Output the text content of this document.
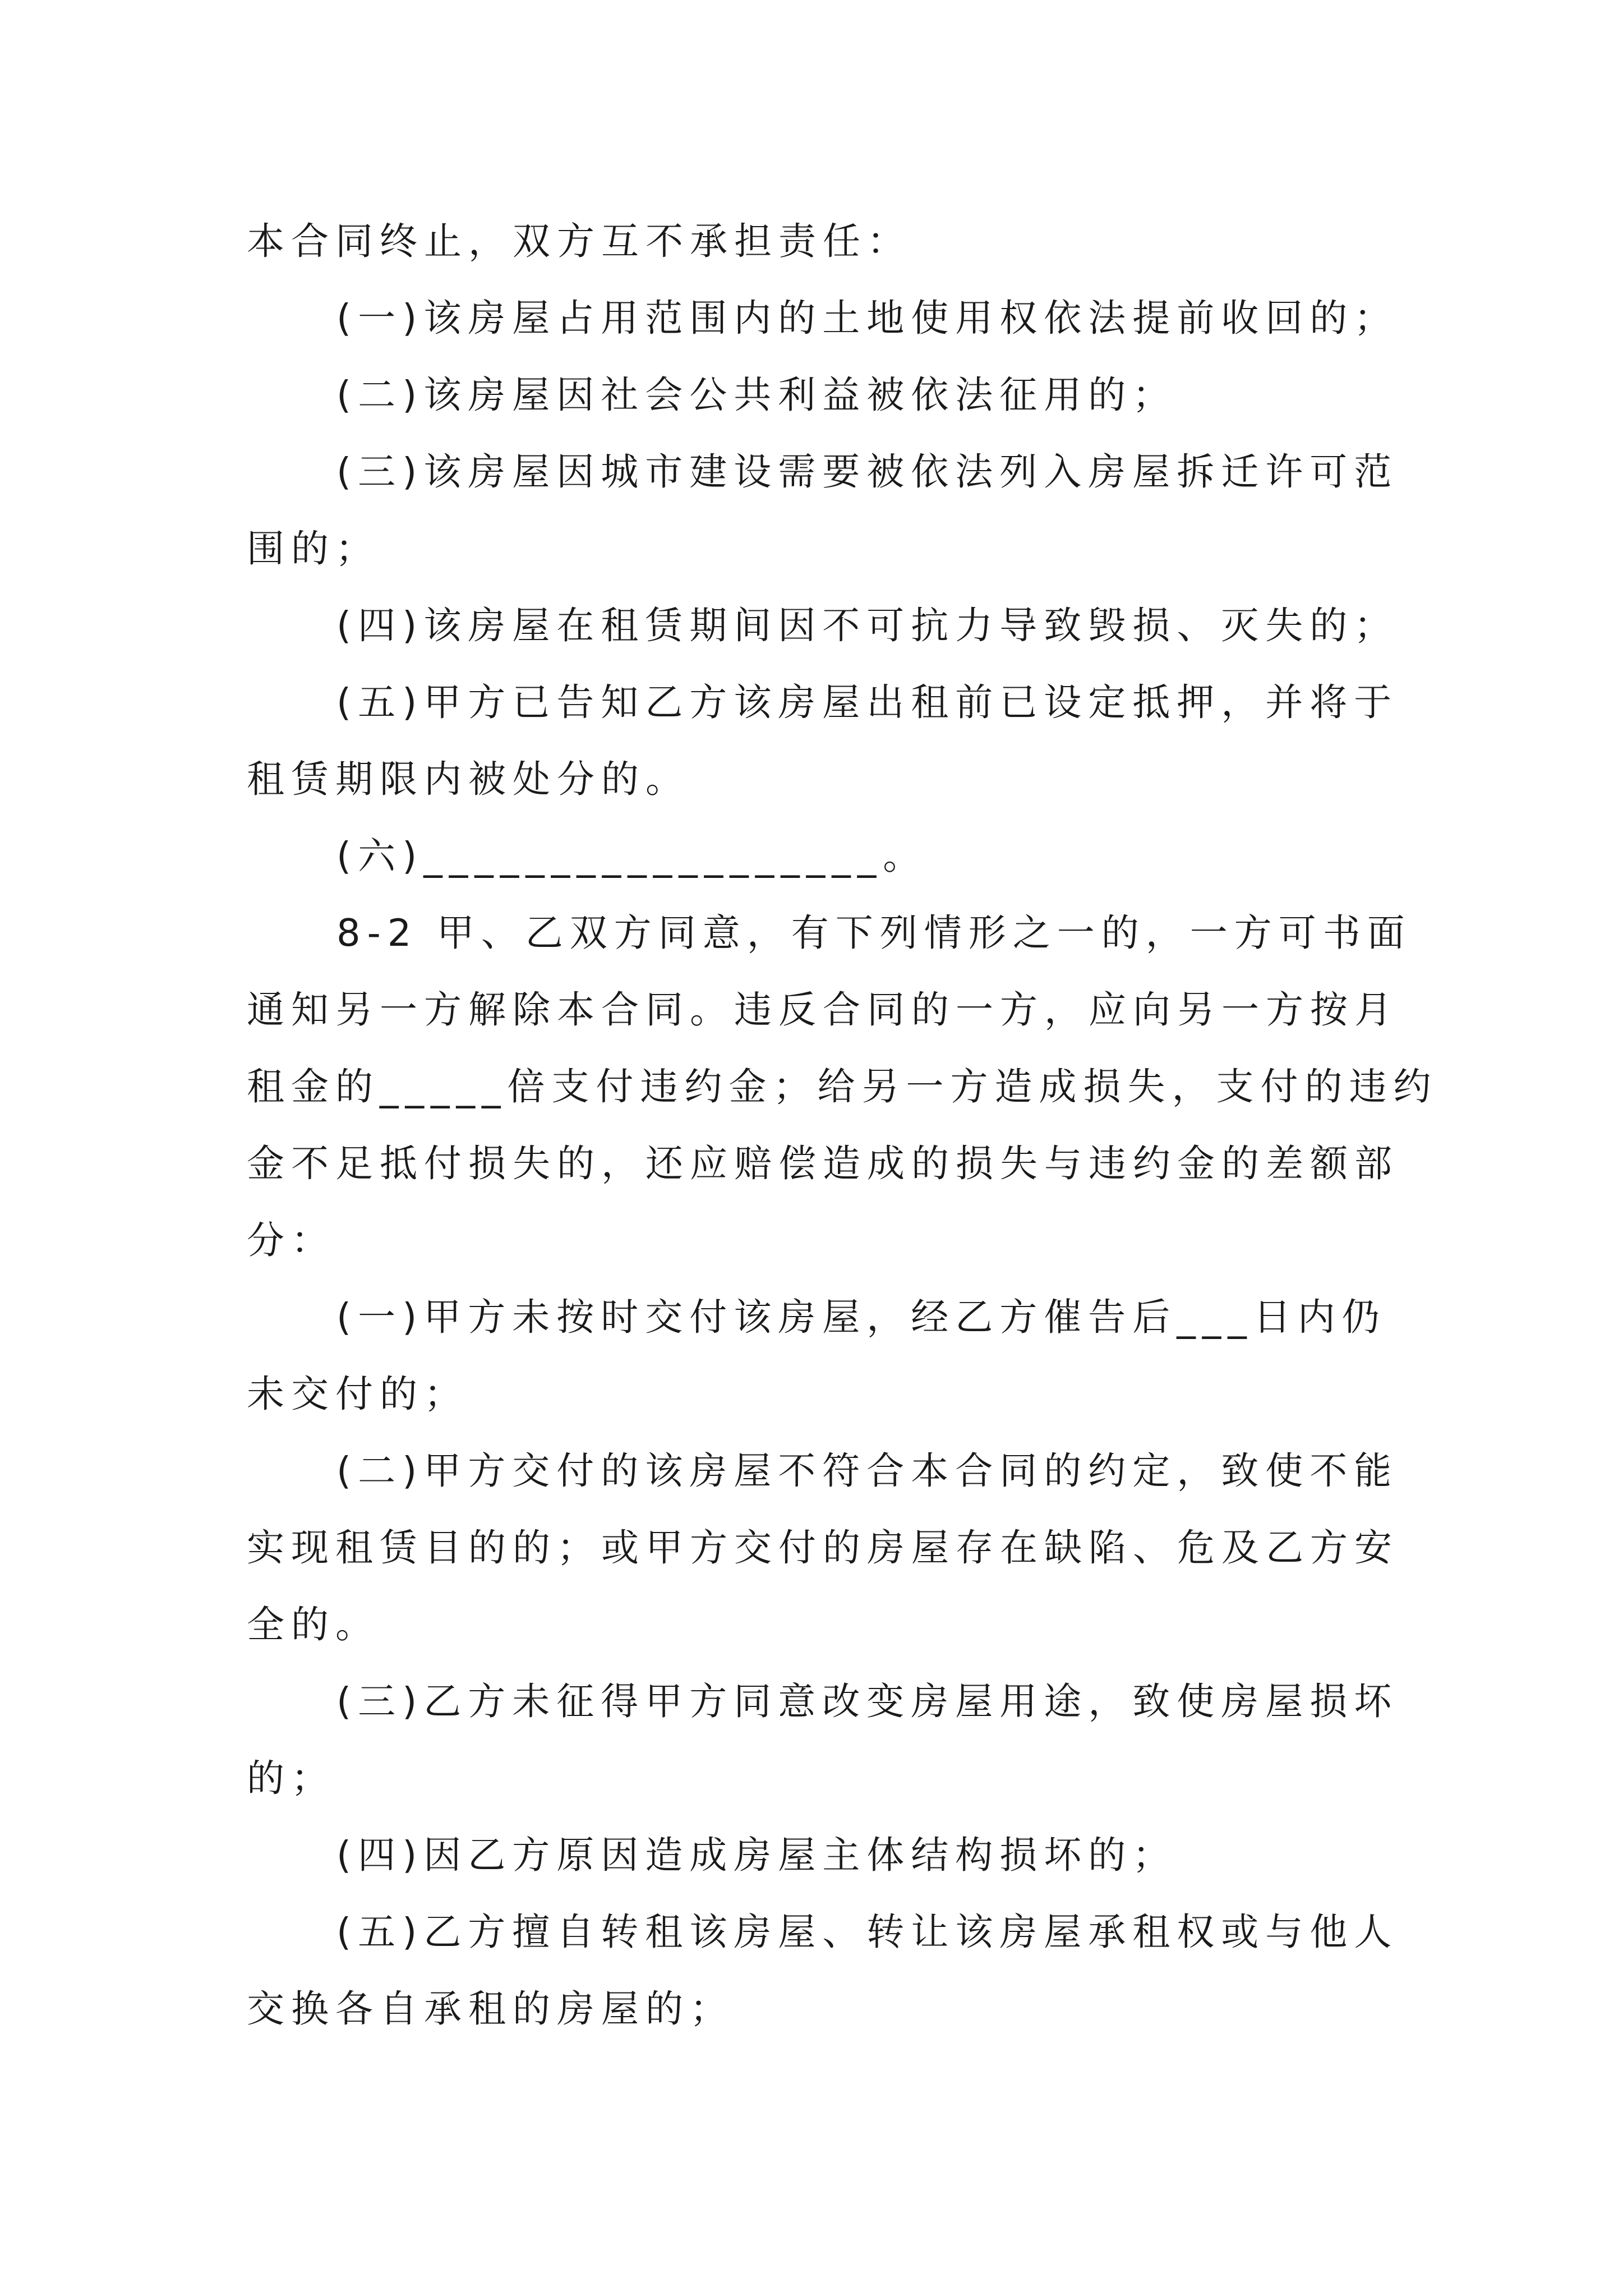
本合同终止，双方互不承担责任：
(一)该房屋占用范围内的土地使用权依法提前收回的；
(二)该房屋因社会公共利益被依法征用的；
(三)该房屋因城市建设需要被依法列入房屋拆迁许可范
围的；
(四)该房屋在租赁期间因不可抗力导致毁损、灭失的；
(五)甲方已告知乙方该房屋出租前已设定抵押，并将于
租赁期限内被处分的。
(六)__________________。
8-2 甲、乙双方同意，有下列情形之一的，一方可书面
通知另一方解除本合同。违反合同的一方，应向另一方按月
租金的_____倍支付违约金；给另一方造成损失，支付的违约
金不足抵付损失的，还应赔偿造成的损失与违约金的差额部
分：
(一)甲方未按时交付该房屋，经乙方催告后___日内仍
未交付的；
(二)甲方交付的该房屋不符合本合同的约定，致使不能
实现租赁目的的；或甲方交付的房屋存在缺陷、危及乙方安
全的。
(三)乙方未征得甲方同意改变房屋用途，致使房屋损坏
的；
(四)因乙方原因造成房屋主体结构损坏的；
(五)乙方擅自转租该房屋、转让该房屋承租权或与他人
交换各自承租的房屋的；
